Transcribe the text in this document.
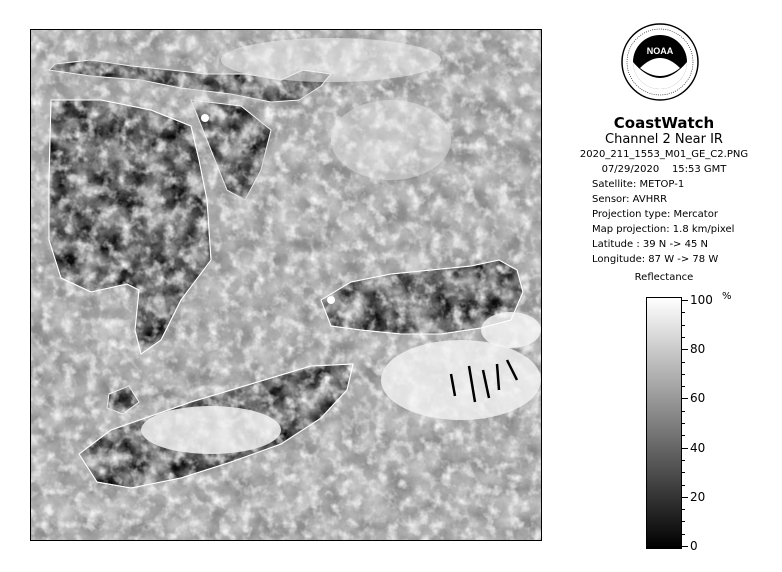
NOAA
CoastWatch
Channel 2 Near IR
2020_211_1553_M01_GE_C2.PNG
07/29/2020 15:53 GMT
Satellite: METOP-1
Sensor: AVHRR
Projection type: Mercator
Map projection: 1.8 km/pixel
Latitude : 39 N -> 45 N
Longitude: 87 W -> 78 W
Reflectance
%
100
80
60
40
20
0
